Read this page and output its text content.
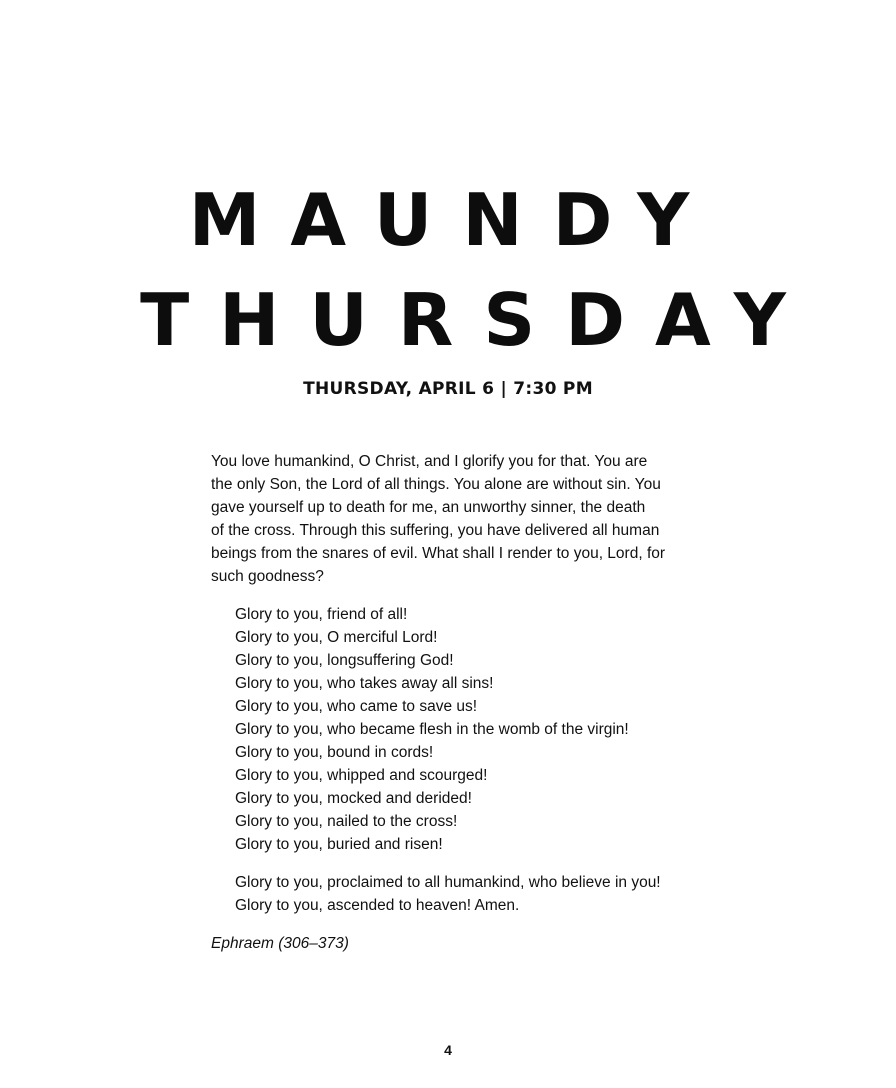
MAUNDY
THURSDAY
THURSDAY, APRIL 6 | 7:30 PM

You love humankind, O Christ, and I glorify you for that. You are
the only Son, the Lord of all things. You alone are without sin. You
gave yourself up to death for me, an unworthy sinner, the death
of the cross. Through this suffering, you have delivered all human
beings from the snares of evil. What shall I render to you, Lord, for
such goodness?

Glory to you, friend of all!
Glory to you, O merciful Lord!
Glory to you, longsuffering God!
Glory to you, who takes away all sins!
Glory to you, who came to save us!
Glory to you, who became flesh in the womb of the virgin!
Glory to you, bound in cords!
Glory to you, whipped and scourged!
Glory to you, mocked and derided!
Glory to you, nailed to the cross!
Glory to you, buried and risen!
Glory to you, proclaimed to all humankind, who believe in you!
Glory to you, ascended to heaven! Amen.
Ephraem (306–373)
4
